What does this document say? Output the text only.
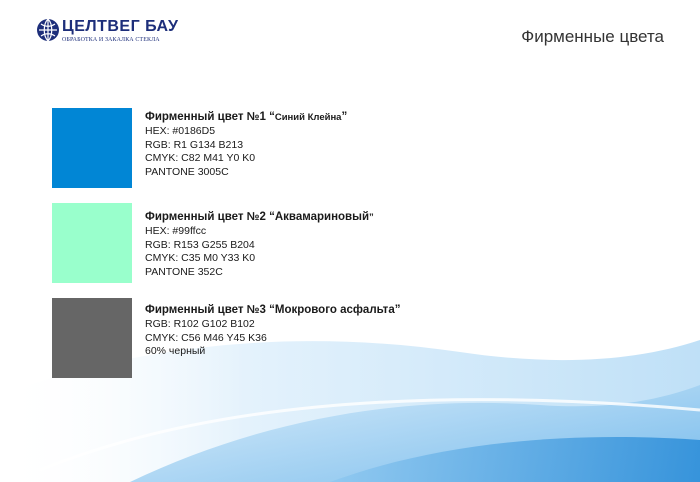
ЦЕЛТВЕГ БАУ
ОБРАБОТКА И ЗАКАЛКА СТЕКЛА	Фирменные цвета
Фирменный цвет №1 “Синий Клейна”
HEX: #0186D5
RGB: R1 G134 B213
CMYK: C82 M41 Y0 K0
PANTONE 3005C
Фирменный цвет №2 “Аквамариновый”
HEX: #99ffcc
RGB: R153 G255 B204
CMYK: C35 M0 Y33 K0
PANTONE 352C
Фирменный цвет №3 “Мокрового асфальта”
RGB: R102 G102 B102
CMYK: C56 M46 Y45 K36
60% черный
